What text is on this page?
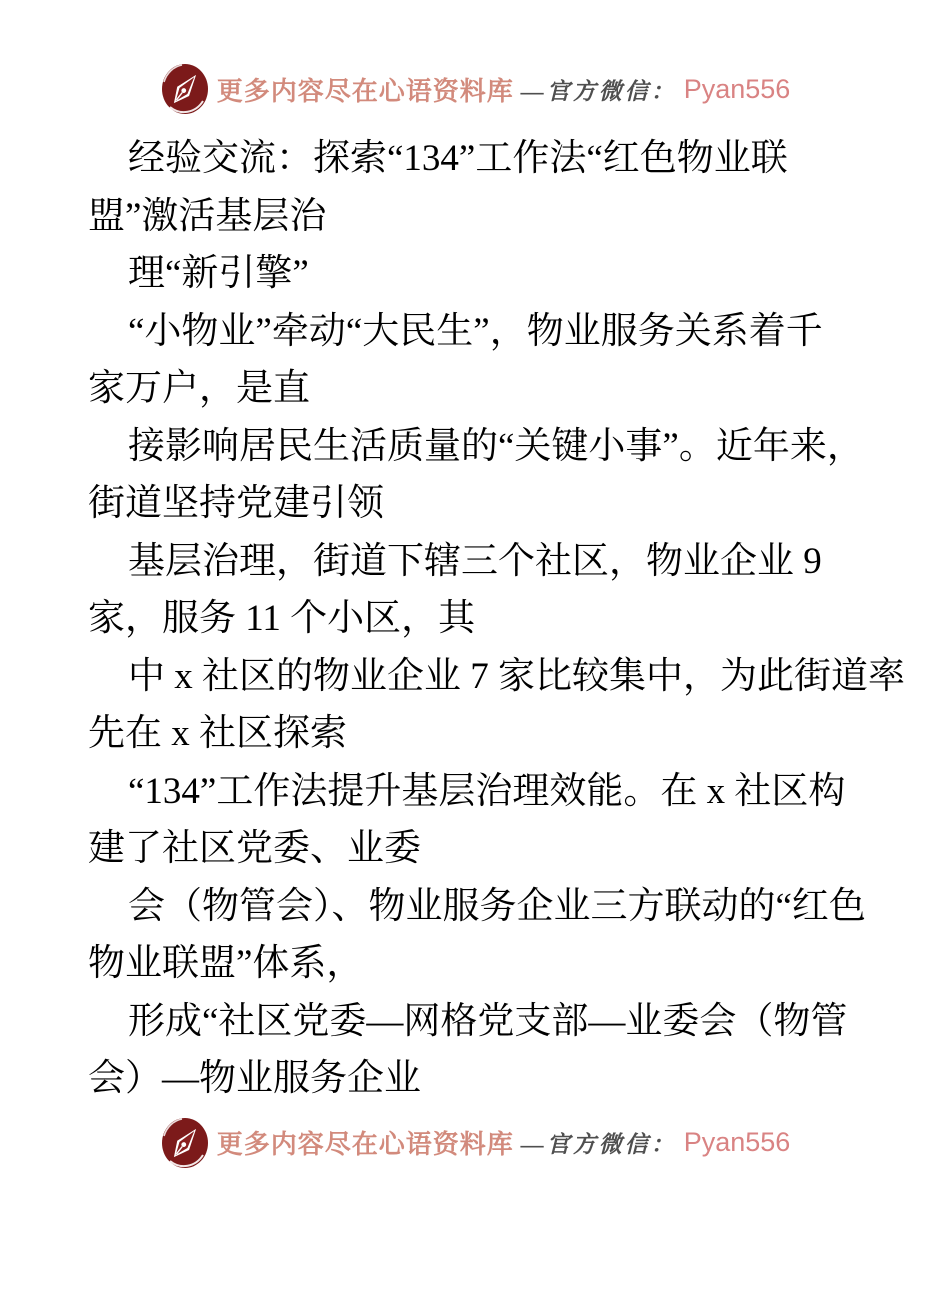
更多内容尽在心语资料库 —官方微信： Pyan556
经验交流：探索“134”工作法“红色物业联
盟”激活基层治
理“新引擎”
“小物业”牵动“大民生”，物业服务关系着千
家万户，是直
接影响居民生活质量的“关键小事”。近年来，
街道坚持党建引领
基层治理，街道下辖三个社区，物业企业 9
家，服务 11 个小区，其
中 x 社区的物业企业 7 家比较集中，为此街道率
先在 x 社区探索
“134”工作法提升基层治理效能。在 x 社区构
建了社区党委、业委
会（物管会）、物业服务企业三方联动的“红色
物业联盟”体系，
形成“社区党委—网格党支部—业委会（物管
会）—物业服务企业
更多内容尽在心语资料库 —官方微信： Pyan556
